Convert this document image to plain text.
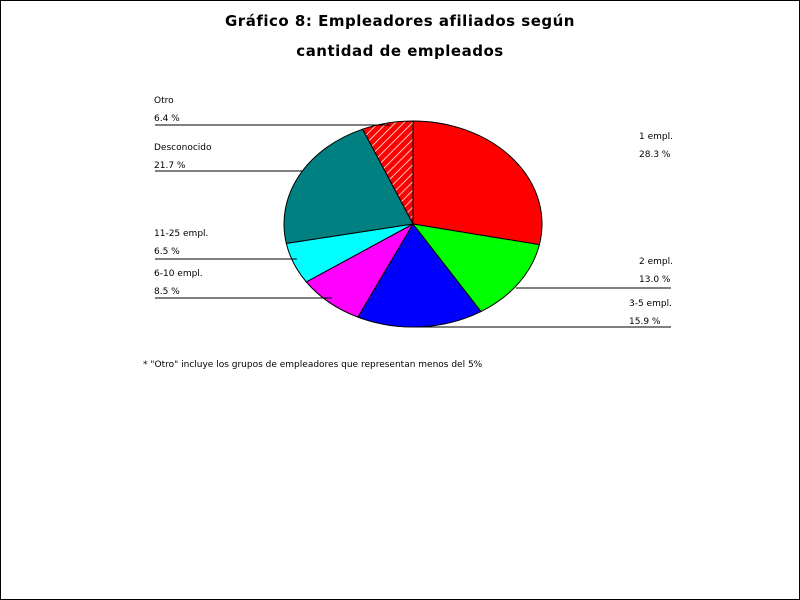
Gráfico 8: Empleadores afiliados según
cantidad de empleados
1 empl.
28.3 %
2 empl.
13.0 %
3-5 empl.
15.9 %
6-10 empl.
8.5 %
11-25 empl.
6.5 %
Desconocido
21.7 %
Otro
6.4 %
* "Otro" incluye los grupos de empleadores que representan menos del 5%
